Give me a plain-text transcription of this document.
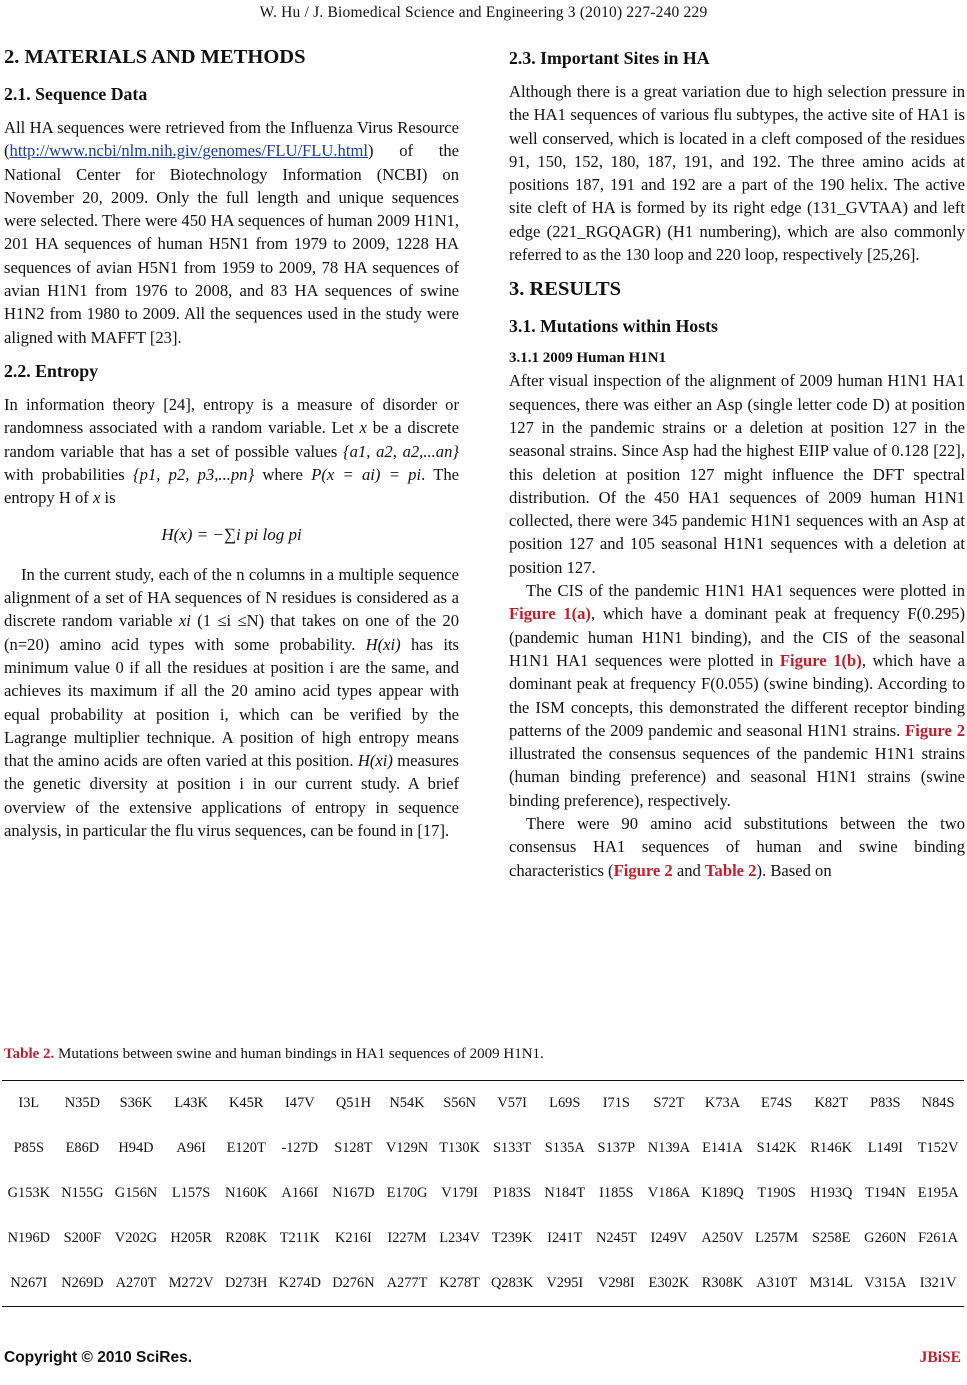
W. Hu / J. Biomedical Science and Engineering 3 (2010) 227-240 229
2. MATERIALS AND METHODS
2.1. Sequence Data

All HA sequences were retrieved from the Influenza Virus Resource (http://www.ncbi/nlm.nih.giv/genomes/FLU/FLU.html) of the National Center for Biotechnology Information (NCBI) on November 20, 2009. Only the full length and unique sequences were selected. There were 450 HA sequences of human 2009 H1N1, 201 HA sequences of human H5N1 from 1979 to 2009, 1228 HA sequences of avian H5N1 from 1959 to 2009, 78 HA sequences of avian H1N1 from 1976 to 2008, and 83 HA sequences of swine H1N2 from 1980 to 2009. All the sequences used in the study were aligned with MAFFT [23].

2.2. Entropy

In information theory [24], entropy is a measure of disorder or randomness associated with a random variable. Let x be a discrete random variable that has a set of possible values {a1, a2, a2,...an} with probabilities {p1, p2, p3,...pn} where P(x = ai) = pi. The entropy H of x is

H(x) = −∑i pi log pi

In the current study, each of the n columns in a multiple sequence alignment of a set of HA sequences of N residues is considered as a discrete random variable xi (1 ≤i ≤N) that takes on one of the 20 (n=20) amino acid types with some probability. H(xi) has its minimum value 0 if all the residues at position i are the same, and achieves its maximum if all the 20 amino acid types appear with equal probability at position i, which can be verified by the Lagrange multiplier technique. A position of high entropy means that the amino acids are often varied at this position. H(xi) measures the genetic diversity at position i in our current study. A brief overview of the extensive applications of entropy in sequence analysis, in particular the flu virus sequences, can be found in [17].

2.3. Important Sites in HA

Although there is a great variation due to high selection pressure in the HA1 sequences of various flu subtypes, the active site of HA1 is well conserved, which is located in a cleft composed of the residues 91, 150, 152, 180, 187, 191, and 192. The three amino acids at positions 187, 191 and 192 are a part of the 190 helix. The active site cleft of HA is formed by its right edge (131_GVTAA) and left edge (221_RGQAGR) (H1 numbering), which are also commonly referred to as the 130 loop and 220 loop, respectively [25,26].

3. RESULTS
3.1. Mutations within Hosts
3.1.1 2009 Human H1N1

After visual inspection of the alignment of 2009 human H1N1 HA1 sequences, there was either an Asp (single letter code D) at position 127 in the pandemic strains or a deletion at position 127 in the seasonal strains. Since Asp had the highest EIIP value of 0.128 [22], this deletion at position 127 might influence the DFT spectral distribution. Of the 450 HA1 sequences of 2009 human H1N1 collected, there were 345 pandemic H1N1 sequences with an Asp at position 127 and 105 seasonal H1N1 sequences with a deletion at position 127.

The CIS of the pandemic H1N1 HA1 sequences were plotted in Figure 1(a), which have a dominant peak at frequency F(0.295) (pandemic human H1N1 binding), and the CIS of the seasonal H1N1 HA1 sequences were plotted in Figure 1(b), which have a dominant peak at frequency F(0.055) (swine binding). According to the ISM concepts, this demonstrated the different receptor binding patterns of the 2009 pandemic and seasonal H1N1 strains. Figure 2 illustrated the consensus sequences of the pandemic H1N1 strains (human binding preference) and seasonal H1N1 strains (swine binding preference), respectively.

There were 90 amino acid substitutions between the two consensus HA1 sequences of human and swine binding characteristics (Figure 2 and Table 2). Based on

Table 2. Mutations between swine and human bindings in HA1 sequences of 2009 H1N1.
I3L	N35D	S36K	L43K	K45R	I47V	Q51H	N54K	S56N	V57I	L69S	I71S	S72T	K73A	E74S	K82T	P83S	N84S
P85S	E86D	H94D	A96I	E120T	-127D	S128T	V129N	T130K	S133T	S135A	S137P	N139A	E141A	S142K	R146K	L149I	T152V
G153K	N155G	G156N	L157S	N160K	A166I	N167D	E170G	V179I	P183S	N184T	I185S	V186A	K189Q	T190S	H193Q	T194N	E195A
N196D	S200F	V202G	H205R	R208K	T211K	K216I	I227M	L234V	T239K	I241T	N245T	I249V	A250V	L257M	S258E	G260N	F261A
N267I	N269D	A270T	M272V	D273H	K274D	D276N	A277T	K278T	Q283K	V295I	V298I	E302K	R308K	A310T	M314L	V315A	I321V
Copyright © 2010 SciRes.	JBiSE
